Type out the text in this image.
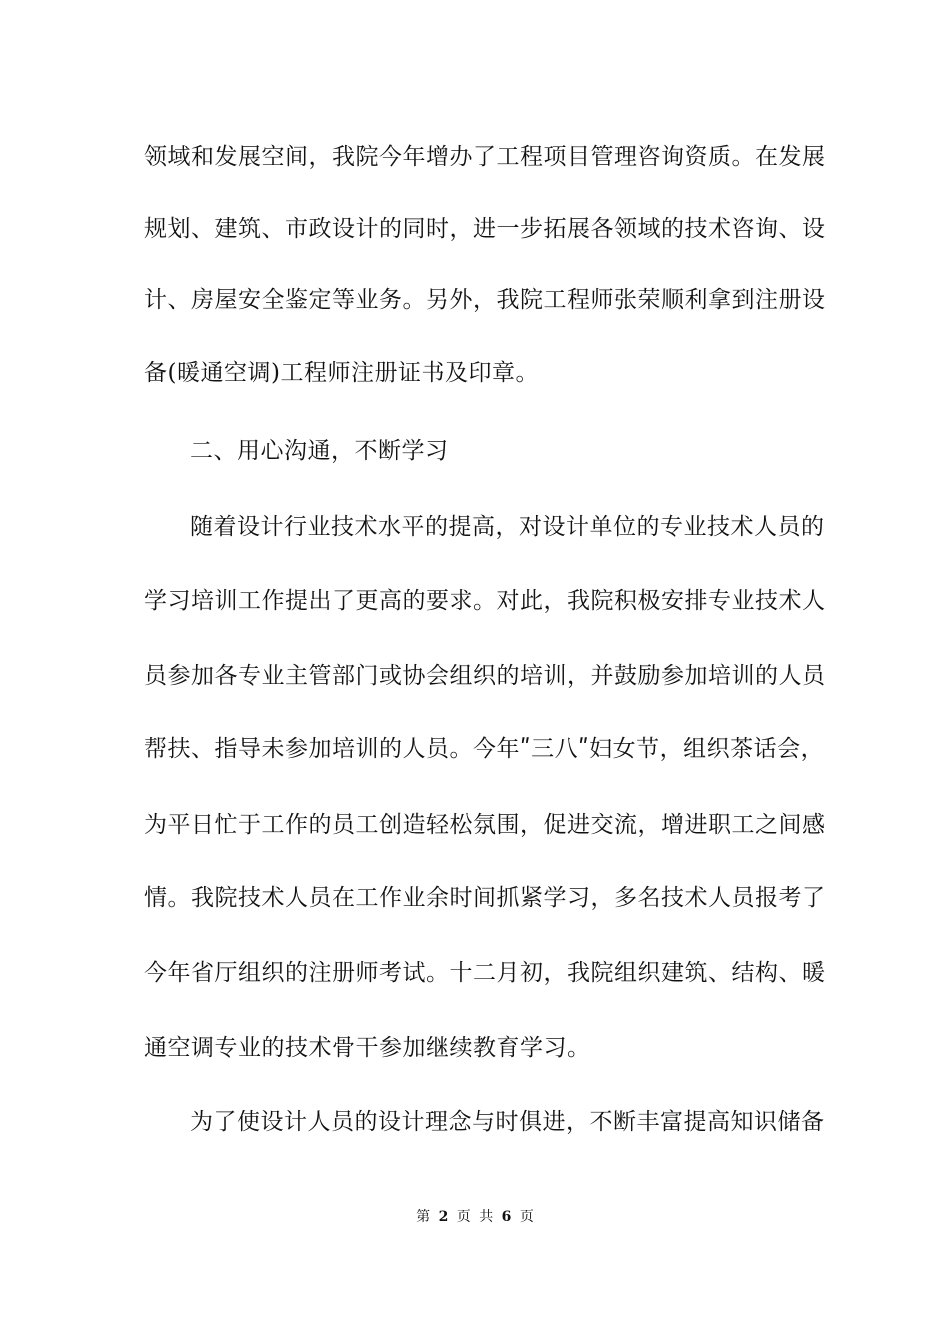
领域和发展空间，我院今年增办了工程项目管理咨询资质。在发展
规划、建筑、市政设计的同时，进一步拓展各领域的技术咨询、设
计、房屋安全鉴定等业务。另外，我院工程师张荣顺利拿到注册设
备(暖通空调)工程师注册证书及印章。
二、用心沟通，不断学习
随着设计行业技术水平的提高，对设计单位的专业技术人员的
学习培训工作提出了更高的要求。对此，我院积极安排专业技术人
员参加各专业主管部门或协会组织的培训，并鼓励参加培训的人员
帮扶、指导未参加培训的人员。今年ʺ三八ʺ妇女节，组织茶话会，
为平日忙于工作的员工创造轻松氛围，促进交流，增进职工之间感
情。我院技术人员在工作业余时间抓紧学习，多名技术人员报考了
今年省厅组织的注册师考试。十二月初，我院组织建筑、结构、暖
通空调专业的技术骨干参加继续教育学习。
为了使设计人员的设计理念与时俱进，不断丰富提高知识储备
第 2 页 共 6 页
